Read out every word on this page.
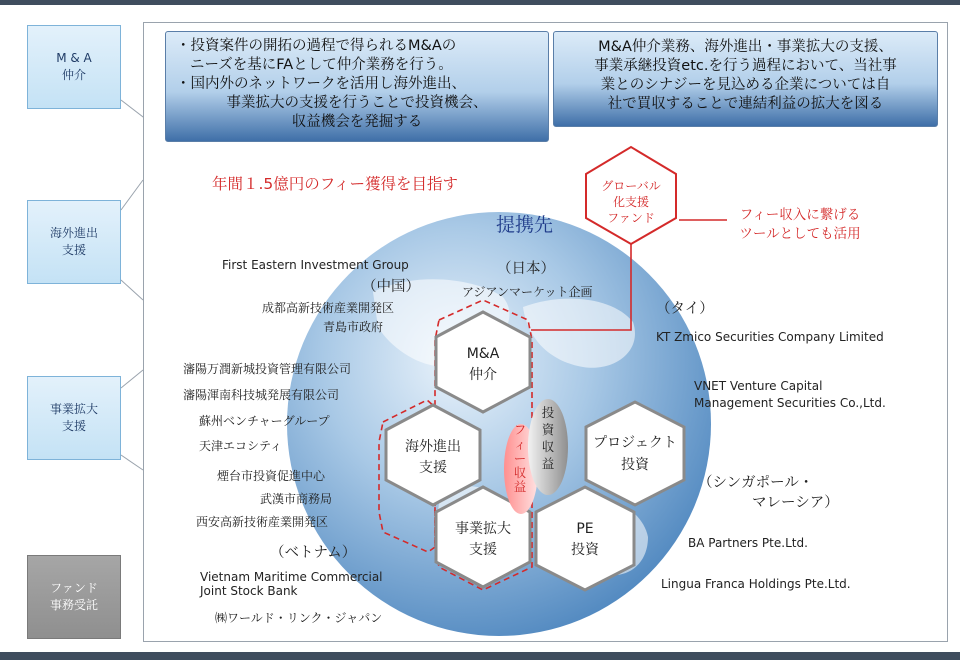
M & A
仲介
海外進出
支援
事業拡大
支援
ファンド
事務受託
M&A
仲介
海外進出
支援
プロジェクト
投資
事業拡大
支援
PE
投資
投
資
収
益
フ
ィ
ー
収
益
グローバル
化支援
ファンド
・投資案件の開拓の過程で得られるM&Aの
ニーズを基にFAとして仲介業務を行う。
・国内外のネットワークを活用し海外進出、
事業拡大の支援を行うことで投資機会、
収益機会を発掘する
M&A仲介業務、海外進出・事業拡大の支援、
事業承継投資etc.を行う過程において、当社事
業とのシナジーを見込める企業については自
社で買収することで連結利益の拡大を図る
年間１.5億円のフィー獲得を目指す
提携先	フィー収入に繋げる
ツールとしても活用
（日本）
アジアンマーケット企画
First Eastern Investment Group
（中国）
成都高新技術産業開発区
青島市政府
瀋陽万潤新城投資管理有限公司
瀋陽渾南科技城発展有限公司
蘇州ベンチャーグループ
天津エコシティ
煙台市投資促進中心
武漢市商務局
西安高新技術産業開発区
（タイ）
KT Zmico Securities Company Limited
VNET Venture Capital
Management Securities Co.,Ltd.
（シンガポール・
マレーシア）
BA Partners Pte.Ltd.
Lingua Franca Holdings Pte.Ltd.
（ベトナム）
Vietnam Maritime Commercial
Joint Stock Bank
㈱ワールド・リンク・ジャパン
